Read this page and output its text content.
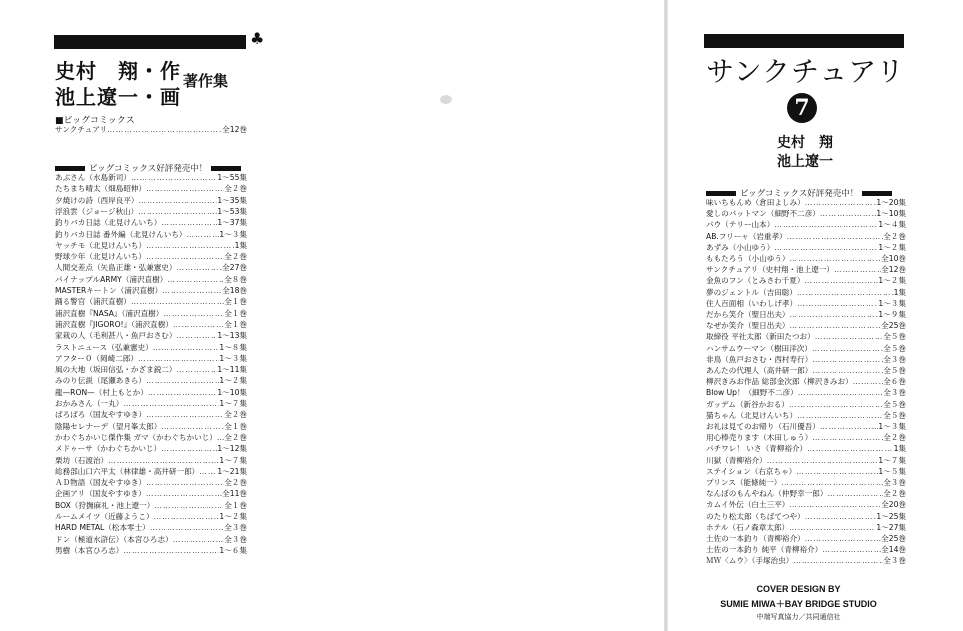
♣
史村　翔・作
池上遼一・画
著作集
■ビッグコミックス
サンクチュアリ ……………………………………………………………………………………………………	全12巻
ビッグコミックス好評発売中！
あぶさん（水島新司） ……………………………………………………………………………………………………	1〜55集
たちまち晴太（畑島昭伸） ……………………………………………………………………………………………………	全２巻
夕焼けの詩（西岸良平） ……………………………………………………………………………………………………	1〜35集
浮浪雲（ジョージ秋山） ……………………………………………………………………………………………………	1〜53集
釣りバカ日誌（北見けんいち） ……………………………………………………………………………………………………	1〜37集
釣りバカ日誌 番外編（北見けんいち） ……………………………………………………………………………………………………	1〜３集
ヤッチモ（北見けんいち） ……………………………………………………………………………………………………	1集
野球少年（北見けんいち） ……………………………………………………………………………………………………	全２巻
人間交差点（矢島正雄・弘兼憲史） ……………………………………………………………………………………………………	全27巻
パイナップルARMY（浦沢直樹） ……………………………………………………………………………………………………	全８巻
MASTERキートン（浦沢直樹） ……………………………………………………………………………………………………	全18巻
踊る警官（浦沢直樹） ……………………………………………………………………………………………………	全１巻
浦沢直樹『NASA』（浦沢直樹） ……………………………………………………………………………………………………	全１巻
浦沢直樹『JIGORO!』（浦沢直樹） ……………………………………………………………………………………………………	全１巻
家栽の人（毛利甚八・魚戸おさむ） ……………………………………………………………………………………………………	1〜13集
ラストニュース（弘兼憲史） ……………………………………………………………………………………………………	1〜８集
アフター０（岡崎二郎） ……………………………………………………………………………………………………	1〜３集
風の大地（坂田信弘・かざま鋭二） ……………………………………………………………………………………………………	1〜11集
みのり伝説（尾瀬あきら） ……………………………………………………………………………………………………	1〜２集
龍—RON—（村上もとか） ……………………………………………………………………………………………………	1〜10集
おかみさん（一丸） ……………………………………………………………………………………………………	1〜７集
ぱろぱろ（国友やすゆき） ……………………………………………………………………………………………………	全２巻
陰陽セレナーデ（望月峯太郎） ……………………………………………………………………………………………………	全１巻
かわぐちかいじ傑作集 ガマ（かわぐちかいじ） …………………………………………………………………………………………………… 全２巻
メドゥーサ（かわぐちかいじ） ……………………………………………………………………………………………………	1〜12集
栗坊（石渡治） ……………………………………………………………………………………………………	1〜７集
総務部山口六平太（林律雄・高井研一郎） …………………………………………………………………………………………………… 1〜21集
ＡＤ物語（国友やすゆき） ……………………………………………………………………………………………………	全２巻
企画アリ（国友やすゆき） ……………………………………………………………………………………………………	全11巻
BOX（狩撫麻礼・池上遼一） ……………………………………………………………………………………………………	全１巻
ルームメイツ（近藤ようこ） ……………………………………………………………………………………………………	1〜２集
HARD METAL（松本零士） ……………………………………………………………………………………………………	全３巻
ドン（極道水滸伝）（本宮ひろ志） ……………………………………………………………………………………………………	全３巻
男樹（本宮ひろ志） ……………………………………………………………………………………………………	1〜６集
サンクチュアリ
7
史村　翔
池上遼一
ビッグコミックス好評発売中！
味いちもんめ（倉田よしみ） ……………………………………………………………………………………………………	1〜20集
愛しのバットマン（細野不二彦） ……………………………………………………………………………………………………	1〜10集
パウ（テリー山本） ……………………………………………………………………………………………………	1〜４集
AB.フリーャ（岩重孝） ……………………………………………………………………………………………………	全２巻
あずみ（小山ゆう） ……………………………………………………………………………………………………	1〜２集
ももたろう（小山ゆう） ……………………………………………………………………………………………………	全10巻
サンクチュアリ（史村翔・池上遼一） ……………………………………………………………………………………………………	全12巻
金魚のフン（とみさわ千夏） ……………………………………………………………………………………………………	1〜２集
夢のジェントル（吉田聡） ……………………………………………………………………………………………………	1集
住人百面相（いわしげ孝） ……………………………………………………………………………………………………	1〜３集
だから笑介（聖日出夫） ……………………………………………………………………………………………………	1〜９集
なぜか笑介（聖日出夫） ……………………………………………………………………………………………………	全25巻
取締役 平社太郎（新田たつお） ……………………………………………………………………………………………………	全５巻
ハンサムウーマン（樹田洋次） ……………………………………………………………………………………………………	全５巻
非鳥（魚戸おさむ・西村寿行） ……………………………………………………………………………………………………	全３巻
あんたの代理人（高井研一郎） ……………………………………………………………………………………………………	全５巻
柳沢きみお作品 総部金次郎（柳沢きみお） ……………………………………………………………………………………………………	全６巻
Blow Up！（細野不二彦） ……………………………………………………………………………………………………	全３巻
ガッデム（新谷かおる） ……………………………………………………………………………………………………	全５巻
猫ちゃん（北見けんいち） ……………………………………………………………………………………………………	全５巻
お礼は見てのお帰り（石川優吾） ……………………………………………………………………………………………………	1〜３集
用心棒売ります（木田しゅう） ……………………………………………………………………………………………………	全２巻
パチワレ！ いさ（青柳裕介） ……………………………………………………………………………………………………	1集
川獄（青柳裕介） ……………………………………………………………………………………………………	1〜７集
ステイション（右京ちゃ） ……………………………………………………………………………………………………	1〜５集
プリンス（能條純一） ……………………………………………………………………………………………………	全３巻
なんぼのもんやねん（仲野幸一郎） ……………………………………………………………………………………………………	全２巻
カムイ外伝（白土三平） ……………………………………………………………………………………………………	全20巻
のたり松太郎（ちばてつや） ……………………………………………………………………………………………………	1〜25集
ホテル（石ノ森章太郎） ……………………………………………………………………………………………………	1〜27集
土佐の一本釣り（青柳裕介） ……………………………………………………………………………………………………	全25巻
土佐の一本釣り 純平（青柳裕介） ……………………………………………………………………………………………………	全14巻
ＭＷ〈ムウ〉（手塚治虫） ……………………………………………………………………………………………………	全３巻
COVER DESIGN BY
SUMIE MIWA＋BAY BRIDGE STUDIO
中端写真協力／共同通信社
